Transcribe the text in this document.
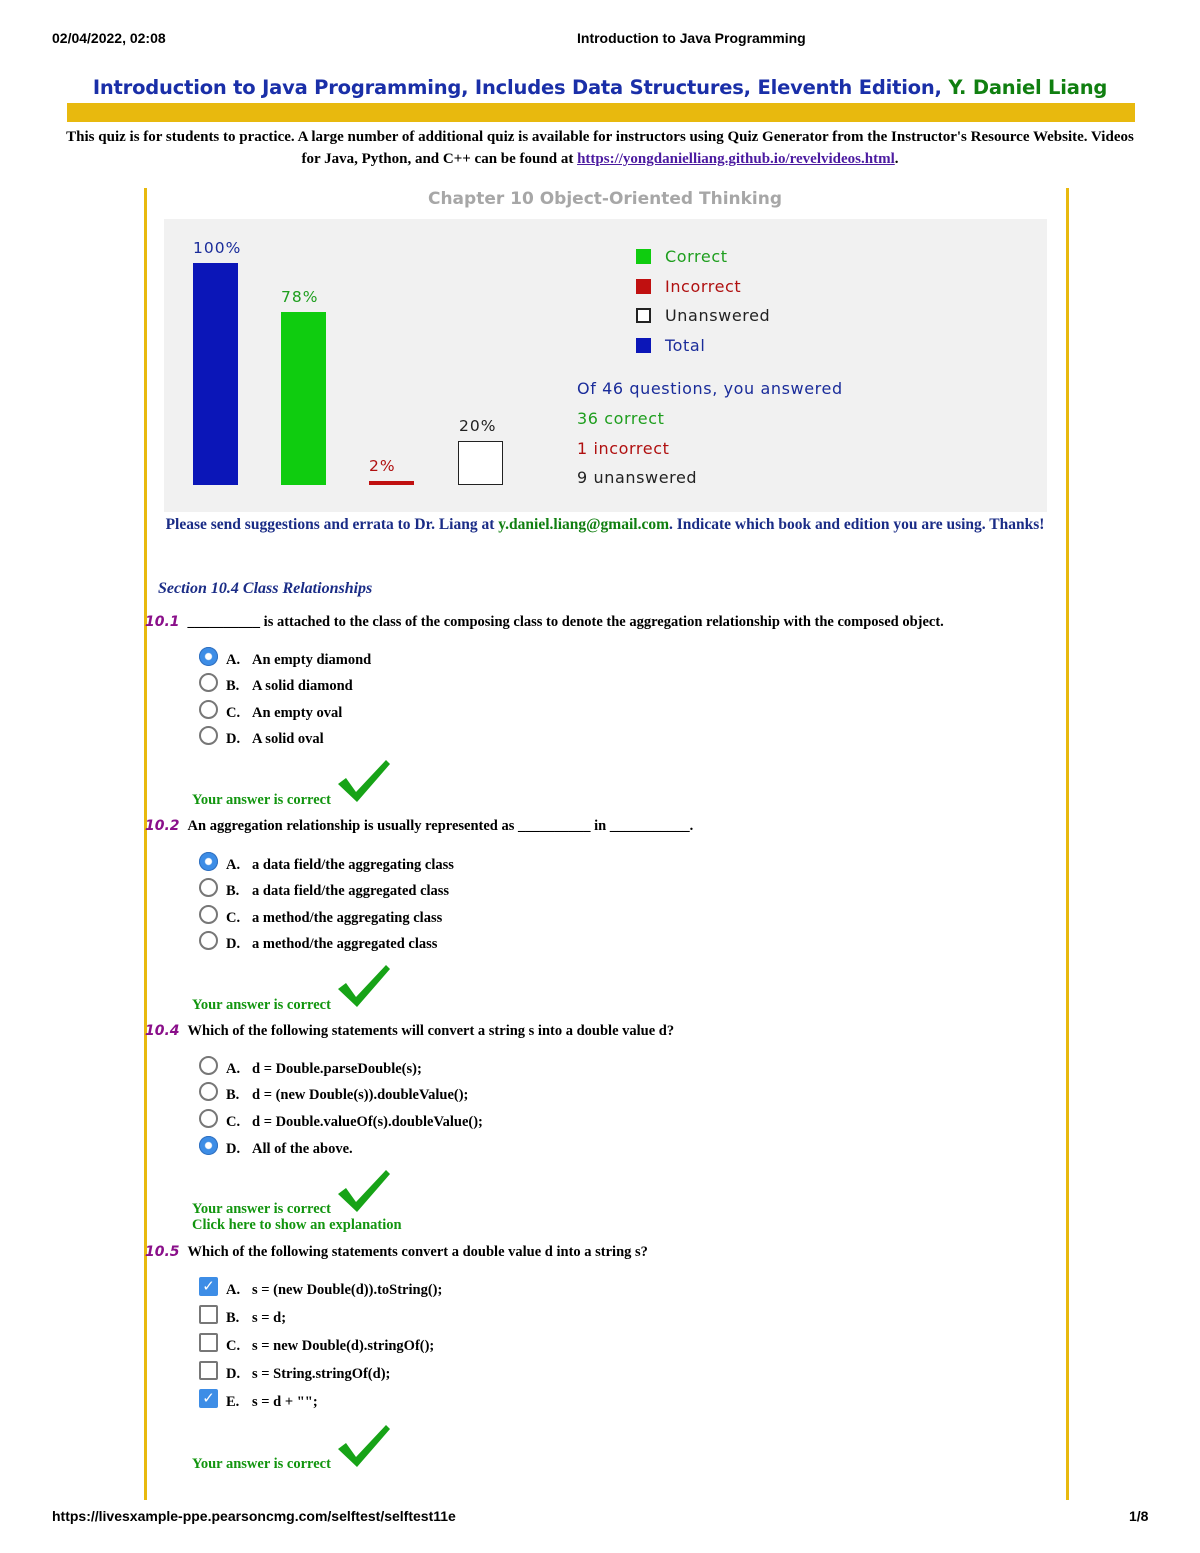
02/04/2022, 02:08	Introduction to Java Programming
Introduction to Java Programming, Includes Data Structures, Eleventh Edition, Y. Daniel Liang
This quiz is for students to practice. A large number of additional quiz is available for instructors using Quiz Generator from the Instructor's Resource Website. Videos for Java, Python, and C++ can be found at https://yongdanielliang.github.io/revelvideos.html.
Chapter 10 Object-Oriented Thinking
100%
78%
2%
20%
Correct
Incorrect
Unanswered
Total
Of 46 questions, you answered
36 correct
1 incorrect
9 unanswered
Please send suggestions and errata to Dr. Liang at y.daniel.liang@gmail.com. Indicate which book and edition you are using. Thanks!
Section 10.4 Class Relationships
10.1 __________ is attached to the class of the composing class to denote the aggregation relationship with the composed object.
A. An empty diamond
B. A solid diamond
C. An empty oval
D. A solid oval
Your answer is correct
10.2 An aggregation relationship is usually represented as __________ in ___________.
A. a data field/the aggregating class
B. a data field/the aggregated class
C. a method/the aggregating class
D. a method/the aggregated class
Your answer is correct
10.4 Which of the following statements will convert a string s into a double value d?
A. d = Double.parseDouble(s);
B. d = (new Double(s)).doubleValue();
C. d = Double.valueOf(s).doubleValue();
D. All of the above.
Your answer is correct
Click here to show an explanation
10.5 Which of the following statements convert a double value d into a string s?
✓ A. s = (new Double(d)).toString();
B. s = d;
C. s = new Double(d).stringOf();
D. s = String.stringOf(d);
✓ E. s = d + "";
Your answer is correct
https://livesxample-ppe.pearsoncmg.com/selftest/selftest11e	1/8
